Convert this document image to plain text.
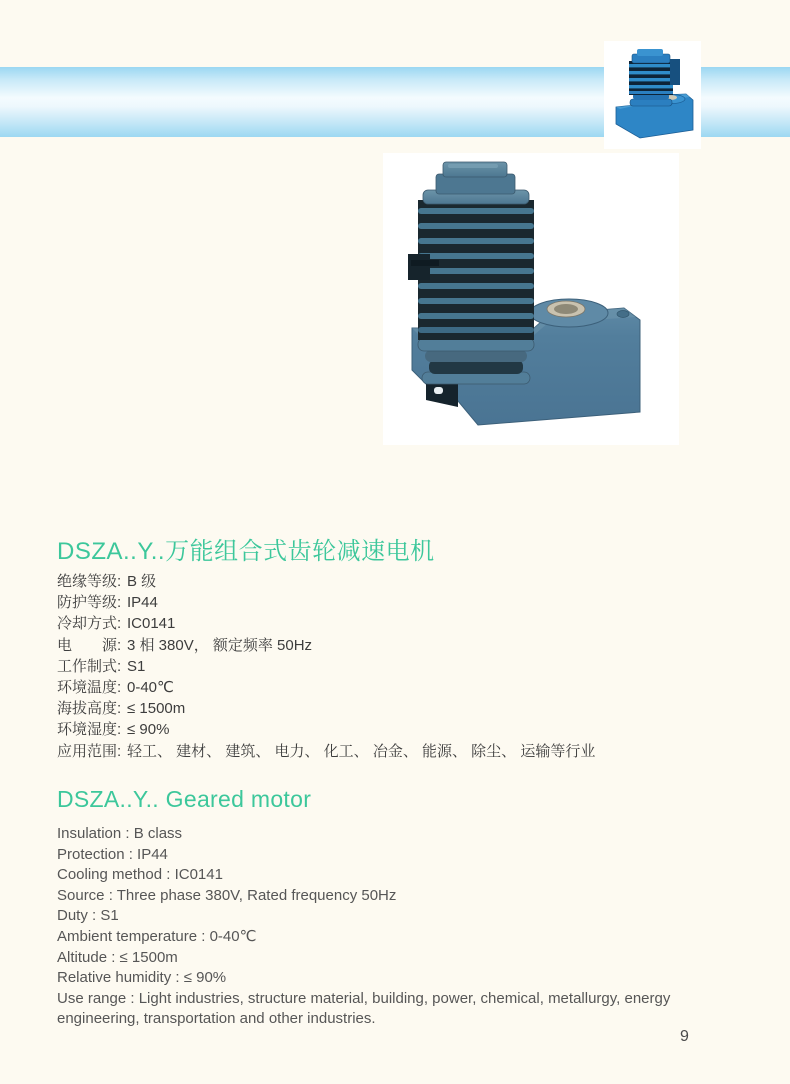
DSZA..Y..万能组合式齿轮减速电机
绝缘等级: B 级
防护等级: IP44
冷却方式: IC0141
电　　源: 3 相 380V， 额定频率 50Hz
工作制式: S1
环境温度: 0-40℃
海拔高度: ≤ 1500m
环境湿度: ≤ 90%
应用范围: 轻工、 建材、 建筑、 电力、 化工、 冶金、 能源、 除尘、 运输等行业
DSZA..Y.. Geared motor
Insulation : B class
Protection : IP44
Cooling method : IC0141
Source : Three phase 380V, Rated frequency 50Hz
Duty : S1
Ambient temperature : 0-40℃
Altitude : ≤ 1500m
Relative humidity : ≤ 90%
Use range : Light industries, structure material, building, power, chemical, metallurgy, energy engineering, transportation and other industries.
9
